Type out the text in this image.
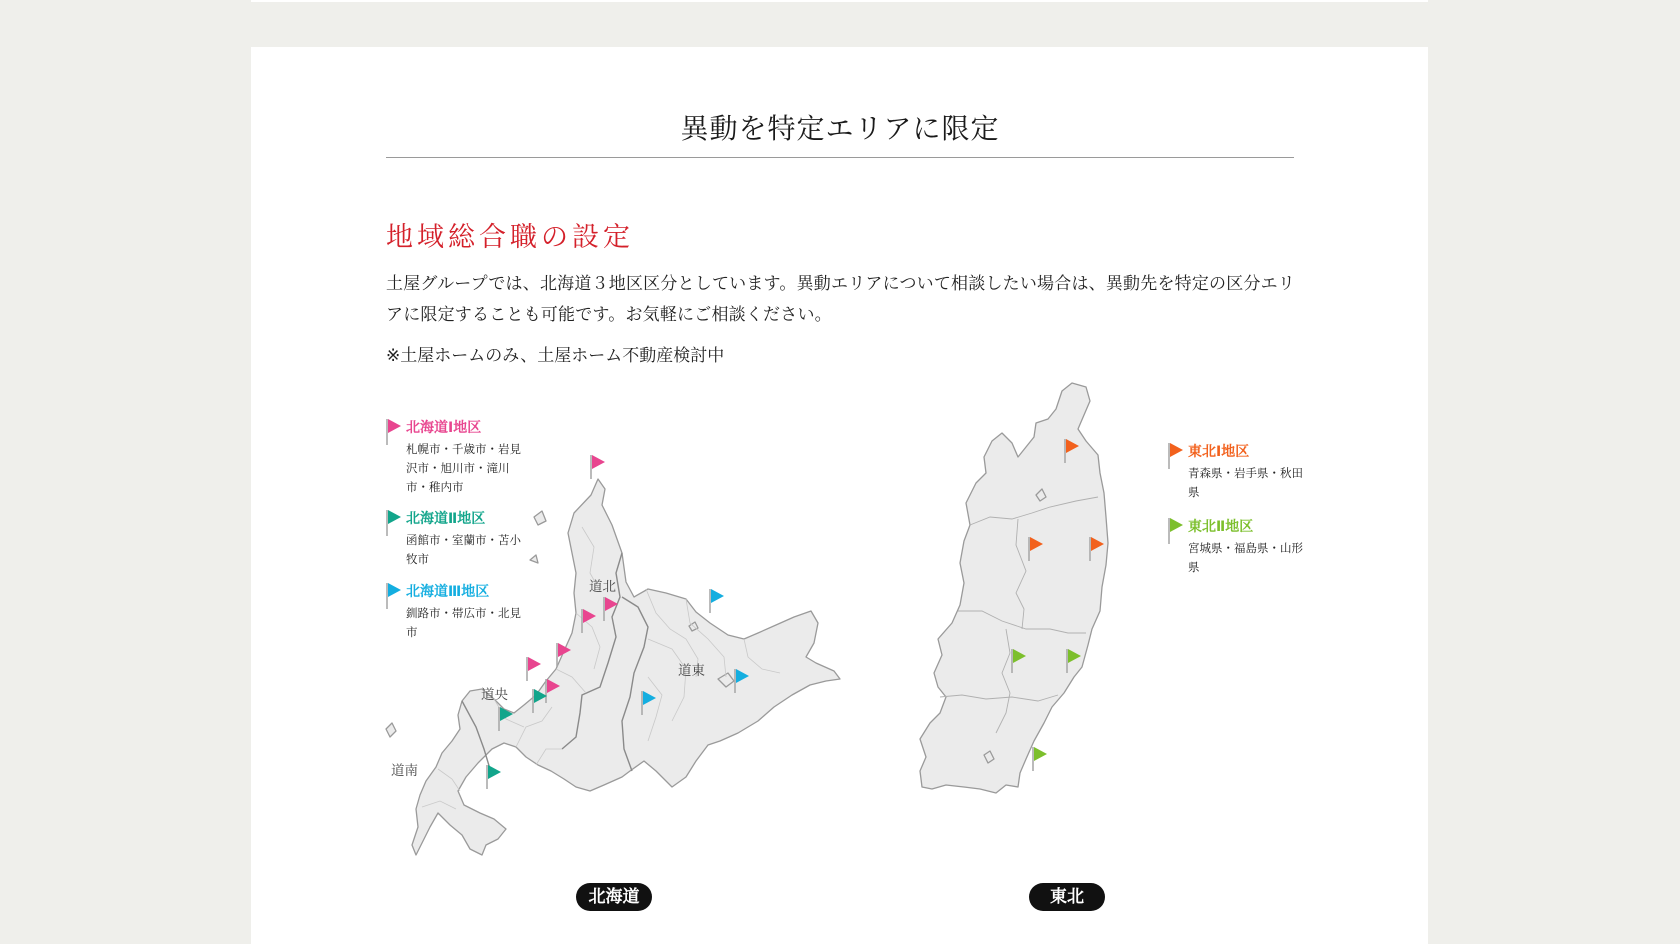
異動を特定エリアに限定
地域総合職の設定
土屋グループでは、北海道３地区区分としています。異動エリアについて相談したい場合は、異動先を特定の区分エリアに限定することも可能です。お気軽にご相談ください。
※土屋ホームのみ、土屋ホーム不動産検討中
道北
道東
道央
道南
北海道Ⅰ地区
札幌市・千歳市・岩見沢市・旭川市・滝川市・稚内市
北海道Ⅱ地区
函館市・室蘭市・苫小牧市
北海道Ⅲ地区
釧路市・帯広市・北見市
東北Ⅰ地区
青森県・岩手県・秋田県
東北Ⅱ地区
宮城県・福島県・山形県
北海道	東北
